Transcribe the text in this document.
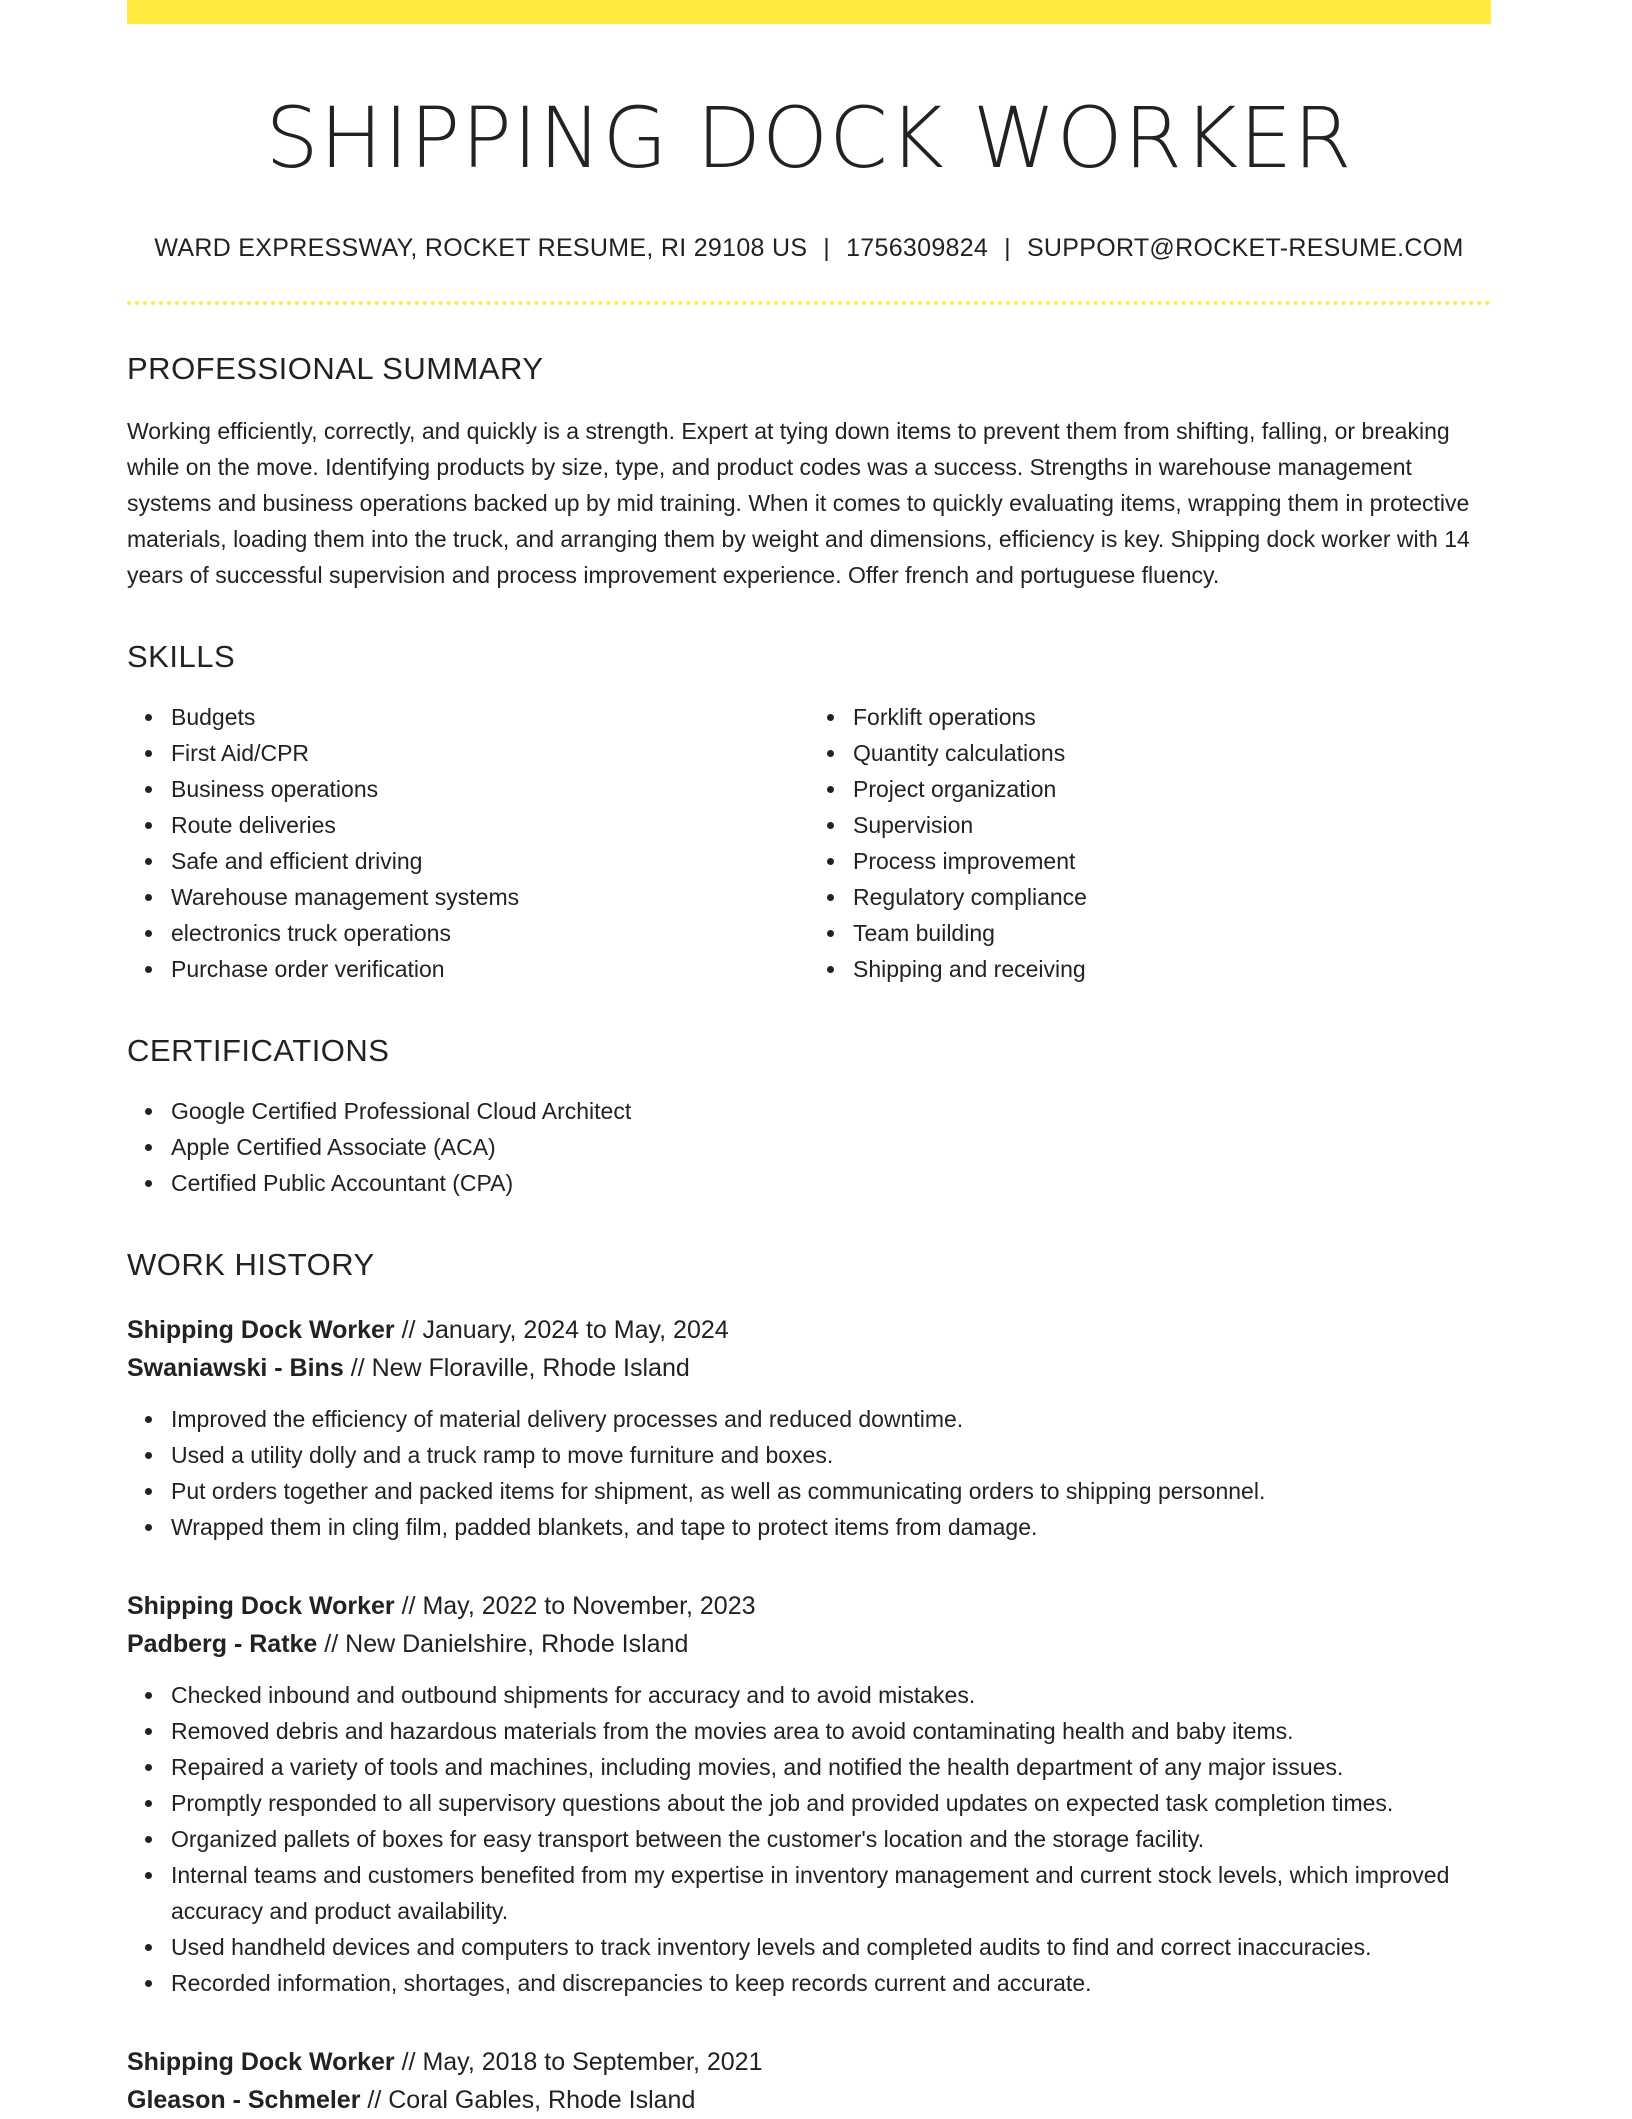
SHIPPING DOCK WORKER
WARD EXPRESSWAY, ROCKET RESUME, RI 29108 US | 1756309824 | SUPPORT@ROCKET-RESUME.COM
PROFESSIONAL SUMMARY

Working efficiently, correctly, and quickly is a strength. Expert at tying down items to prevent them from shifting, falling, or breaking while on the move. Identifying products by size, type, and product codes was a success. Strengths in warehouse management systems and business operations backed up by mid training. When it comes to quickly evaluating items, wrapping them in protective materials, loading them into the truck, and arranging them by weight and dimensions, efficiency is key. Shipping dock worker with 14 years of successful supervision and process improvement experience. Offer french and portuguese fluency.

SKILLS
Budgets
First Aid/CPR
Business operations
Route deliveries
Safe and efficient driving
Warehouse management systems
electronics truck operations
Purchase order verification
Forklift operations
Quantity calculations
Project organization
Supervision
Process improvement
Regulatory compliance
Team building
Shipping and receiving
CERTIFICATIONS
Google Certified Professional Cloud Architect
Apple Certified Associate (ACA)
Certified Public Accountant (CPA)
WORK HISTORY
Shipping Dock Worker // January, 2024 to May, 2024
Swaniawski - Bins // New Floraville, Rhode Island
Improved the efficiency of material delivery processes and reduced downtime.
Used a utility dolly and a truck ramp to move furniture and boxes.
Put orders together and packed items for shipment, as well as communicating orders to shipping personnel.
Wrapped them in cling film, padded blankets, and tape to protect items from damage.
Shipping Dock Worker // May, 2022 to November, 2023
Padberg - Ratke // New Danielshire, Rhode Island
Checked inbound and outbound shipments for accuracy and to avoid mistakes.
Removed debris and hazardous materials from the movies area to avoid contaminating health and baby items.
Repaired a variety of tools and machines, including movies, and notified the health department of any major issues.
Promptly responded to all supervisory questions about the job and provided updates on expected task completion times.
Organized pallets of boxes for easy transport between the customer's location and the storage facility.
Internal teams and customers benefited from my expertise in inventory management and current stock levels, which improved accuracy and product availability.
Used handheld devices and computers to track inventory levels and completed audits to find and correct inaccuracies.
Recorded information, shortages, and discrepancies to keep records current and accurate.
Shipping Dock Worker // May, 2018 to September, 2021
Gleason - Schmeler // Coral Gables, Rhode Island
